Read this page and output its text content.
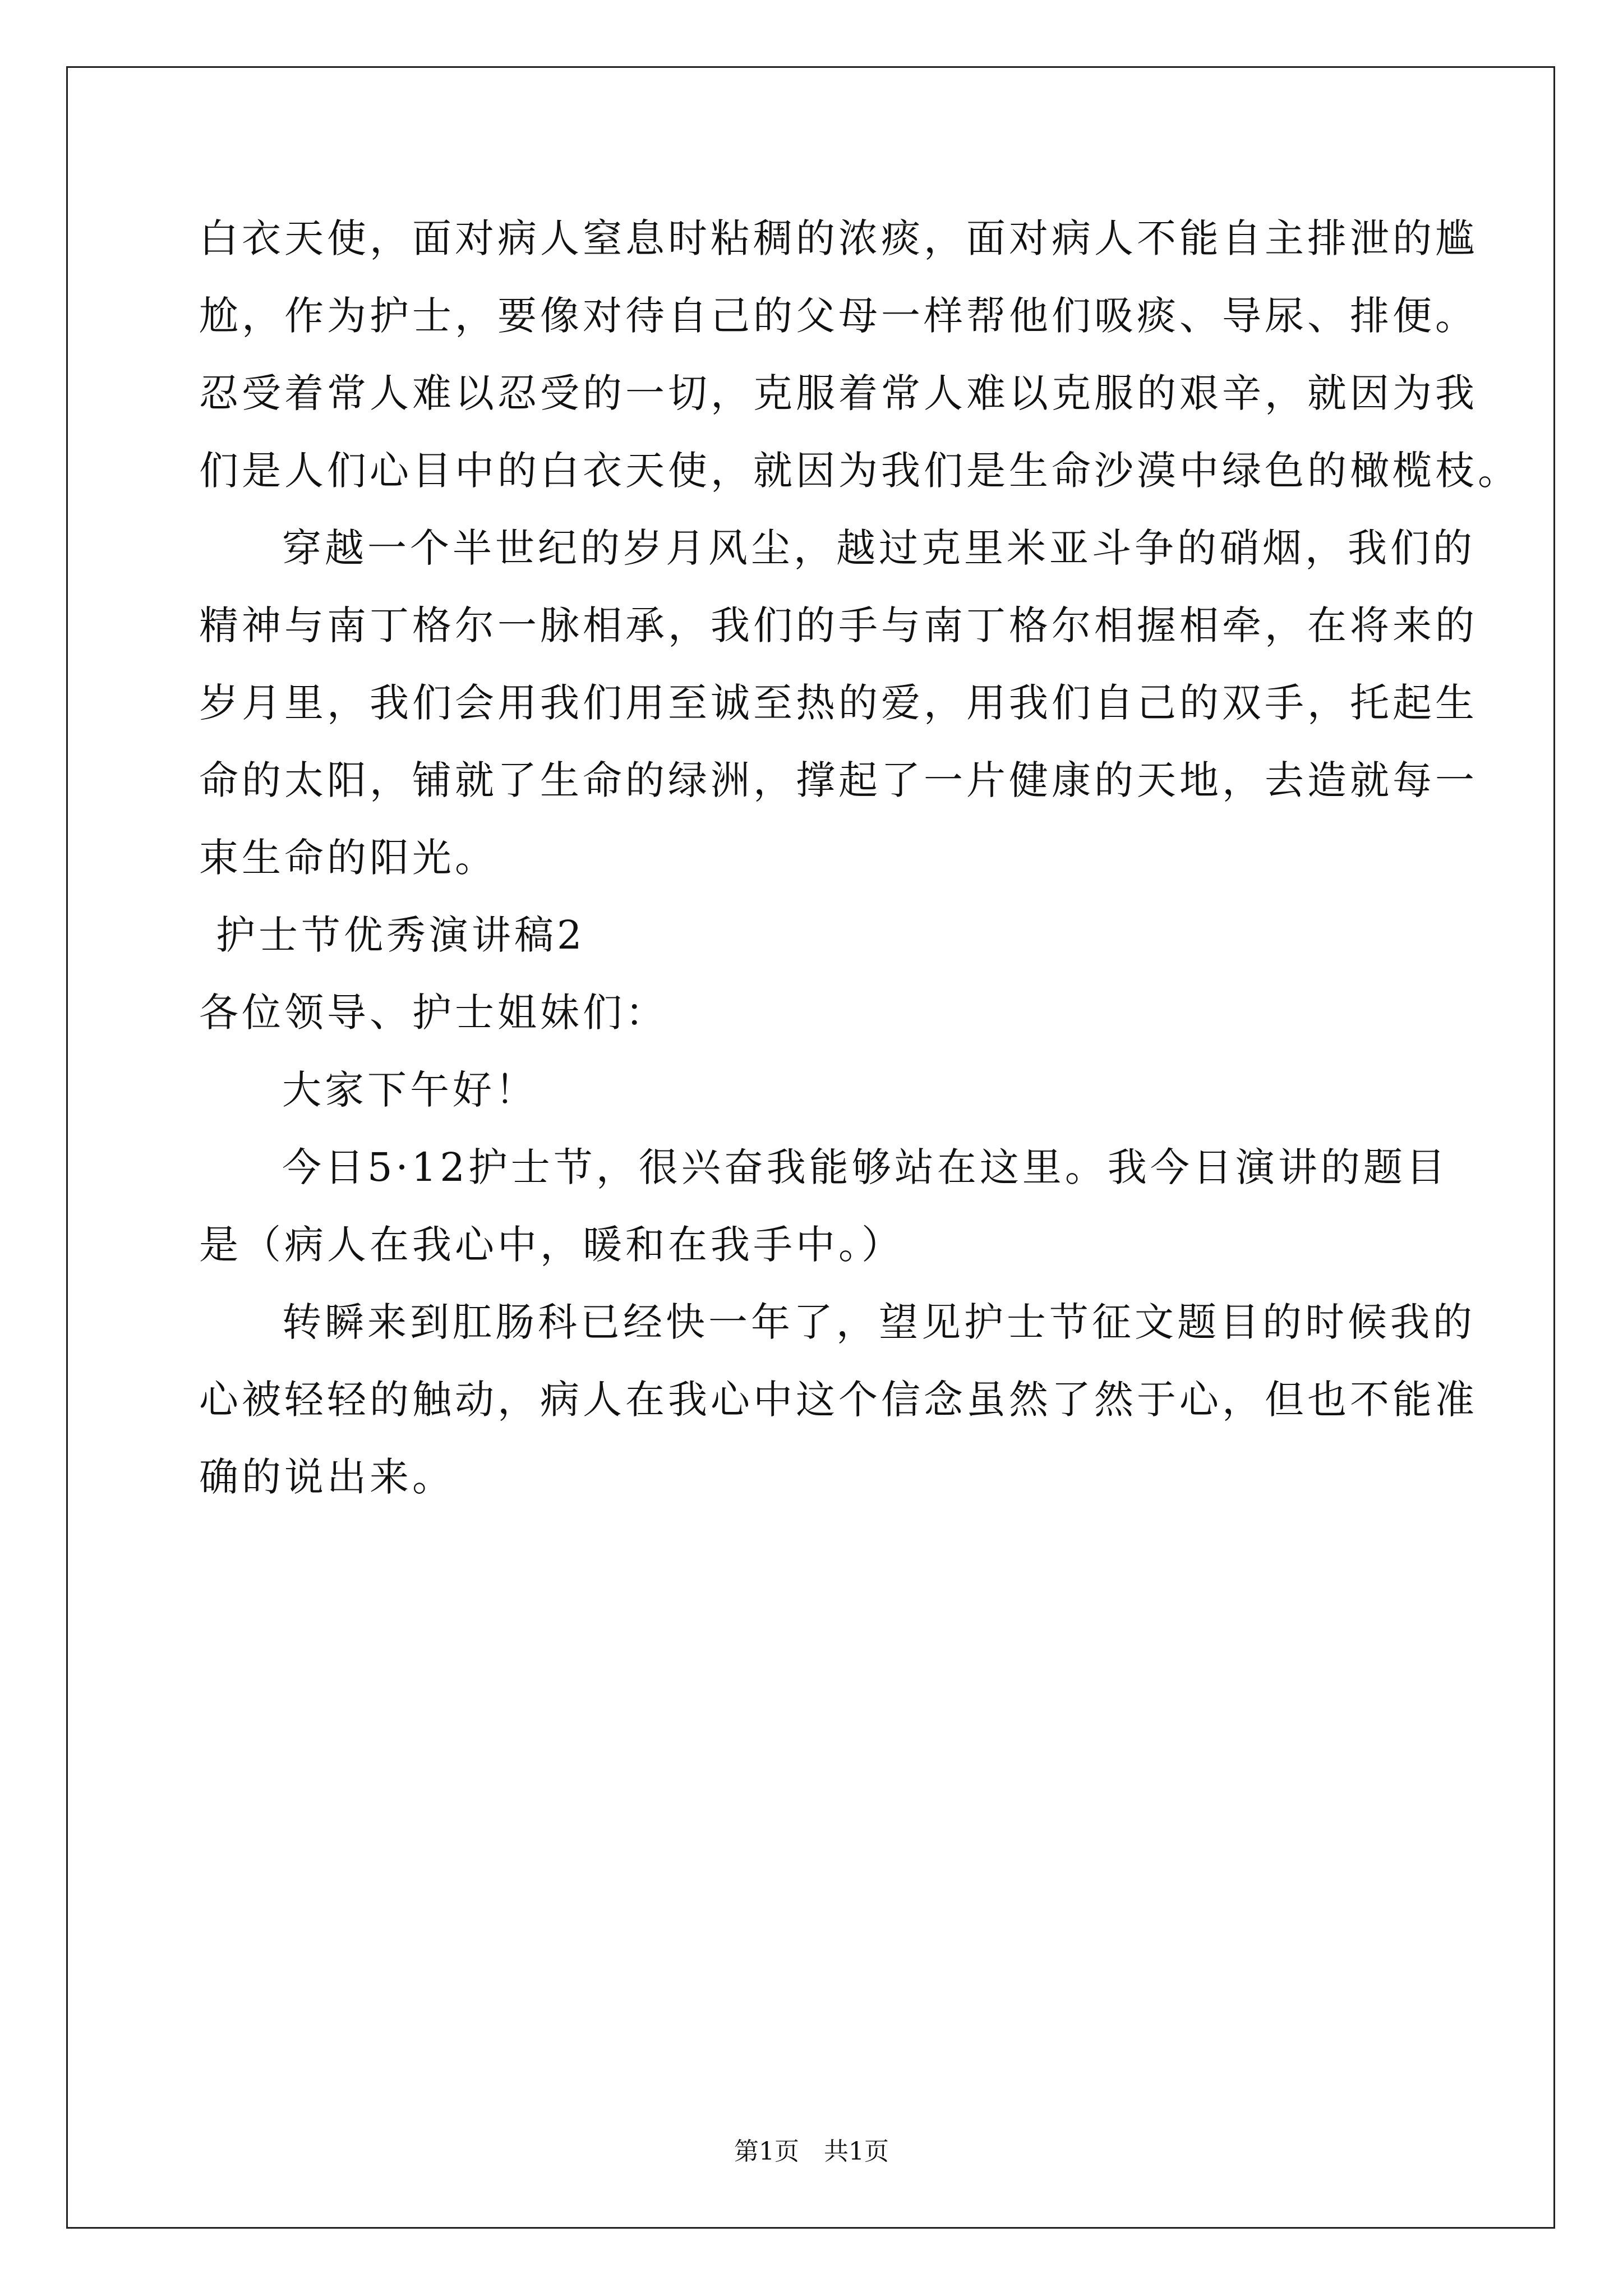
白衣天使，面对病人窒息时粘稠的浓痰，面对病人不能自主排泄的尴
尬，作为护士，要像对待自己的父母一样帮他们吸痰、导尿、排便。
忍受着常人难以忍受的一切，克服着常人难以克服的艰辛，就因为我
们是人们心目中的白衣天使，就因为我们是生命沙漠中绿色的橄榄枝。
穿越一个半世纪的岁月风尘，越过克里米亚斗争的硝烟，我们的
精神与南丁格尔一脉相承，我们的手与南丁格尔相握相牵，在将来的
岁月里，我们会用我们用至诚至热的爱，用我们自己的双手，托起生
命的太阳，铺就了生命的绿洲，撑起了一片健康的天地，去造就每一
束生命的阳光。
护士节优秀演讲稿2
各位领导、护士姐妹们：
大家下午好！
今日5·12护士节，很兴奋我能够站在这里。我今日演讲的题目
是（病人在我心中，暖和在我手中。）
转瞬来到肛肠科已经快一年了，望见护士节征文题目的时候我的
心被轻轻的触动，病人在我心中这个信念虽然了然于心，但也不能准
确的说出来。
第1页　共1页
